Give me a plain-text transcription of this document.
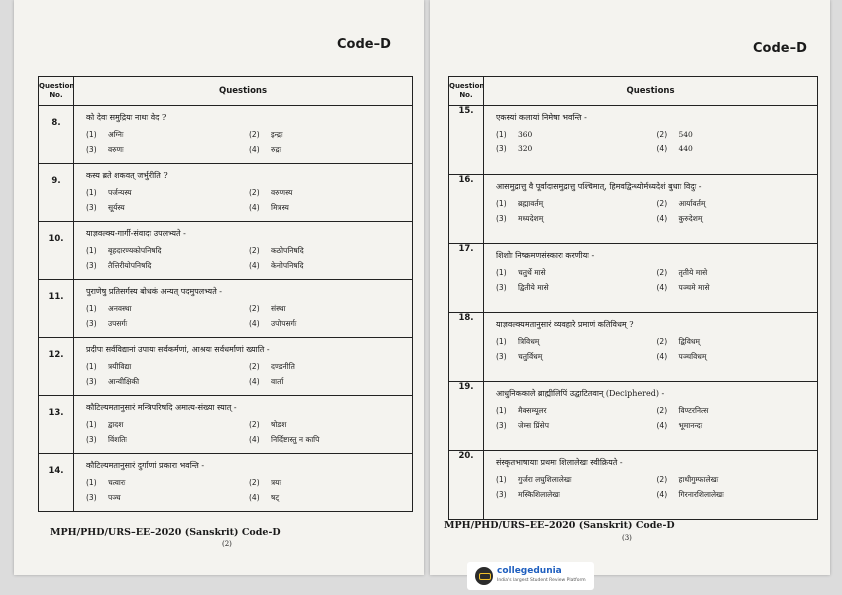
Code–D
Question No.	Questions
8.	को देवः समुद्रियः नाथः वेद ?
(1) अग्निः (2) इन्द्रः
(3) वरुणः (4) रुद्रः

9.	कस्य ब्रते शकवत् जर्भुरीति ?
(1) पर्जन्यस्य (2) वरुणस्य
(3) सूर्यस्य (4) मित्रस्य

10.	याज्ञवल्क्य-गार्गी-संवादः उपलभ्यते -
(1) बृहदारण्यकोपनिषदि (2) कठोपनिषदि
(3) तैत्तिरीयोपनिषदि (4) केनोपनिषदि

11.	पुराणेषु प्रतिसर्गस्य बोधकं अन्यत् पदमुपलभ्यते -
(1) अनवस्था (2) संस्था
(3) उपसर्गः (4) उपोपसर्गः

12.	प्रदीपः सर्वविद्यानां उपायः सर्वकर्मणां, आश्रयः सर्वधर्माणां ख्याति -
(1) त्रयीविद्या (2) दण्डनीति
(3) आन्वीक्षिकी (4) वार्ता

13.	कौटिल्यमतानुसारं मन्त्रिपरिषदि अमात्य-संख्या स्यात् -
(1) द्वादश (2) षोडश
(3) विंशतिः (4) निर्दिष्टास्तु न कापि

14.	कौटिल्यमतानुसारं दुर्गाणां प्रकारा भवन्ति -
(1) चत्वारः (2) त्रयः
(3) पञ्च (4) षट्
MPH/PHD/URS–EE–2020 (Sanskrit) Code-D
(2)
Code–D
Question No.	Questions
15.	एकस्यां कलायां निमेषा भवन्ति -
(1) 360 (2) 540
(3) 320 (4) 440

16.	आसमुद्रात्तु वै पूर्वादासमुद्रात्तु पश्चिमात्, हिमवद्विन्ध्योर्मध्यदेशं बुधाः विदुः -
(1) ब्रह्मावर्तम् (2) आर्यावर्तम्
(3) मध्यदेशम् (4) कुरुदेशम्

17.	शिशोः निष्क्रमणसंस्कारः करणीयः -
(1) चतुर्थे मासे (2) तृतीये मासे
(3) द्वितीये मासे (4) पञ्चमे मासे

18.	याज्ञवल्क्यमतानुसारं व्यवहारे प्रमाणं कतिविधम् ?
(1) त्रिविधम् (2) द्विविधम्
(3) चतुर्विधम् (4) पञ्चविधम्

19.	आधुनिककाले ब्राह्मीलिपिं उद्घाटितवान् (Deciphered) -
(1) मैक्सम्यूलर (2) विण्टरनित्स
(3) जेम्स प्रिंसेप (4) भूमानन्दः

20.	संस्कृतभाषायाः प्रथमः शिलालेखः स्वीक्रियते -
(1) गुर्जरा लघुशिलालेखः (2) हाथीगुम्फालेखः
(3) मस्किशिलालेखः (4) गिरनारशिलालेखः
MPH/PHD/URS–EE–2020 (Sanskrit) Code-D
(3)
collegedunia
India's largest Student Review Platform
